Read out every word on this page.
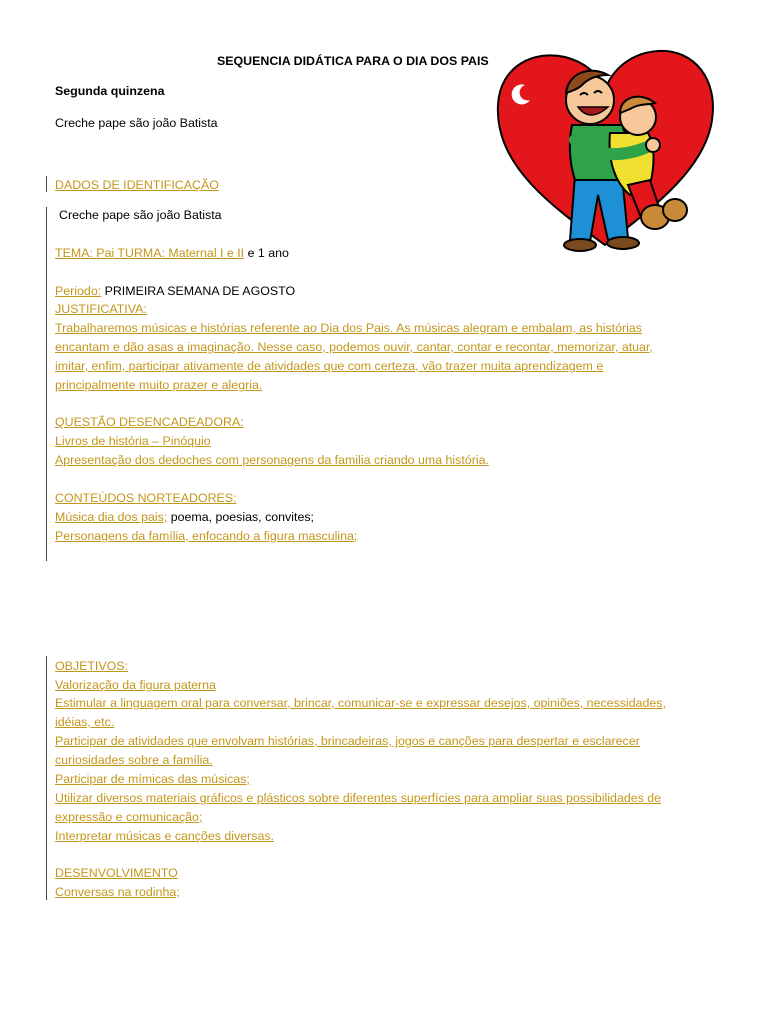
SEQUENCIA DIDÁTICA PARA O DIA DOS PAIS
Segunda quinzena
Creche pape são joão Batista
DADOS DE IDENTIFICAÇÃO
Creche pape são joão Batista
TEMA: Pai TURMA: Maternal I e II e 1 ano
Periodo: PRIMEIRA SEMANA DE AGOSTO
JUSTIFICATIVA:
Trabalharemos músicas e histórias referente ao Dia dos Pais. As músicas alegram e embalam, as histórias
encantam e dão asas a imaginação. Nesse caso, podemos ouvir, cantar, contar e recontar, memorizar, atuar,
imitar, enfim, participar ativamente de atividades que com certeza, vão trazer muita aprendizagem e
principalmente muito prazer e alegria.
QUESTÃO DESENCADEADORA:
Livros de história – Pinóquio
Apresentação dos dedoches com personagens da familia criando uma história.
CONTEÚDOS NORTEADORES:
Música dia dos pais; poema, poesias, convites;
Personagens da família, enfocando a figura masculina;
OBJETIVOS:
Valorização da figura paterna
Estimular a linguagem oral para conversar, brincar, comunicar-se e expressar desejos, opiniões, necessidades,
idéias, etc.
Participar de atividades que envolvam histórias, brincadeiras, jogos e canções para despertar e esclarecer
curiosidades sobre a família.
Participar de mímicas das músicas;
Utilizar diversos materiais gráficos e plásticos sobre diferentes superfícies para ampliar suas possibilidades de
expressão e comunicação;
Interpretar músicas e canções diversas.
DESENVOLVIMENTO
Conversas na rodinha;
